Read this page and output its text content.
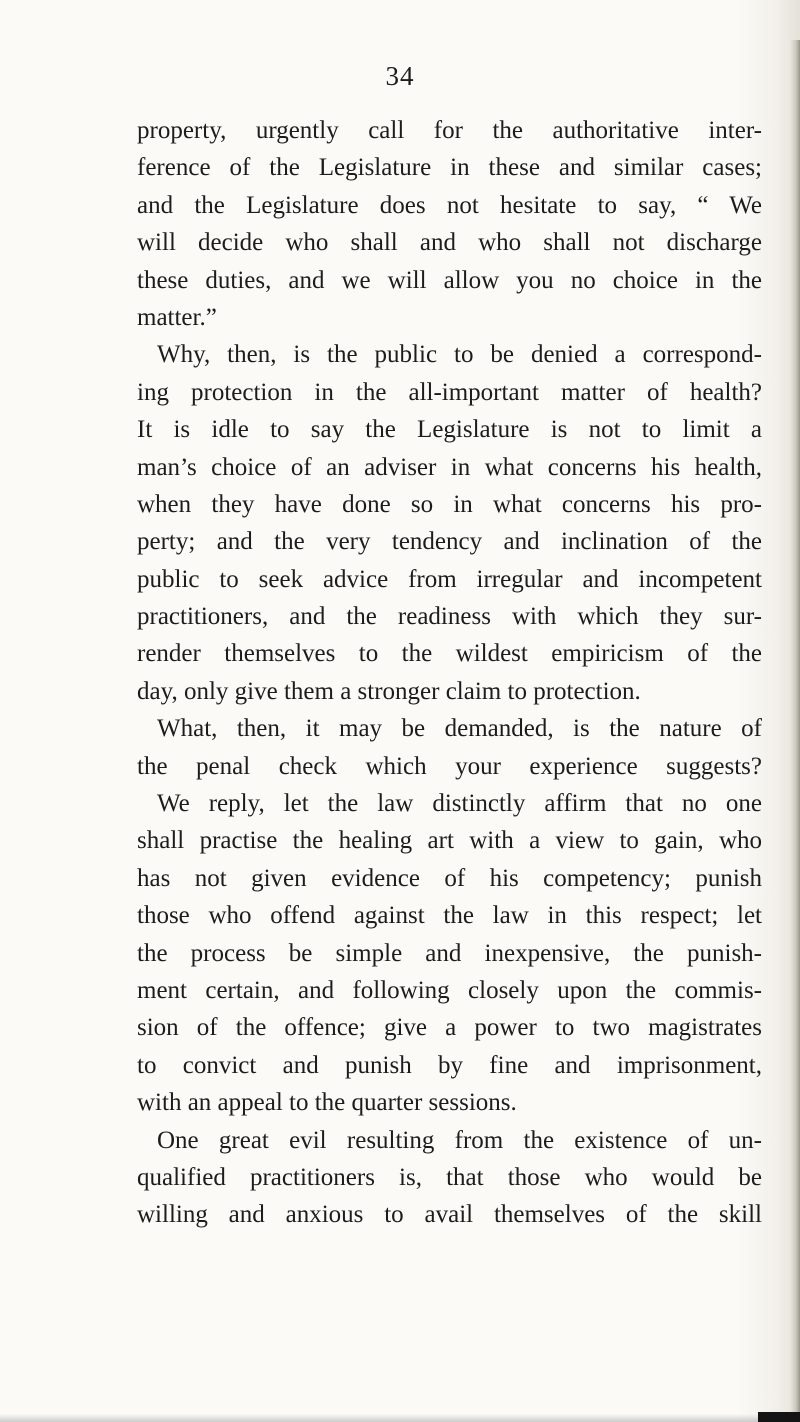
34
property, urgently call for the authoritative inter-
ference of the Legislature in these and similar cases;
and the Legislature does not hesitate to say, “ We
will decide who shall and who shall not discharge
these duties, and we will allow you no choice in the
matter.”
Why, then, is the public to be denied a correspond-
ing protection in the all-important matter of health?
It is idle to say the Legislature is not to limit a
man’s choice of an adviser in what concerns his health,
when they have done so in what concerns his pro-
perty; and the very tendency and inclination of the
public to seek advice from irregular and incompetent
practitioners, and the readiness with which they sur-
render themselves to the wildest empiricism of the
day, only give them a stronger claim to protection.
What, then, it may be demanded, is the nature of
the penal check which your experience suggests?
We reply, let the law distinctly affirm that no one
shall practise the healing art with a view to gain, who
has not given evidence of his competency; punish
those who offend against the law in this respect; let
the process be simple and inexpensive, the punish-
ment certain, and following closely upon the commis-
sion of the offence; give a power to two magistrates
to convict and punish by fine and imprisonment,
with an appeal to the quarter sessions.
One great evil resulting from the existence of un-
qualified practitioners is, that those who would be
willing and anxious to avail themselves of the skill
